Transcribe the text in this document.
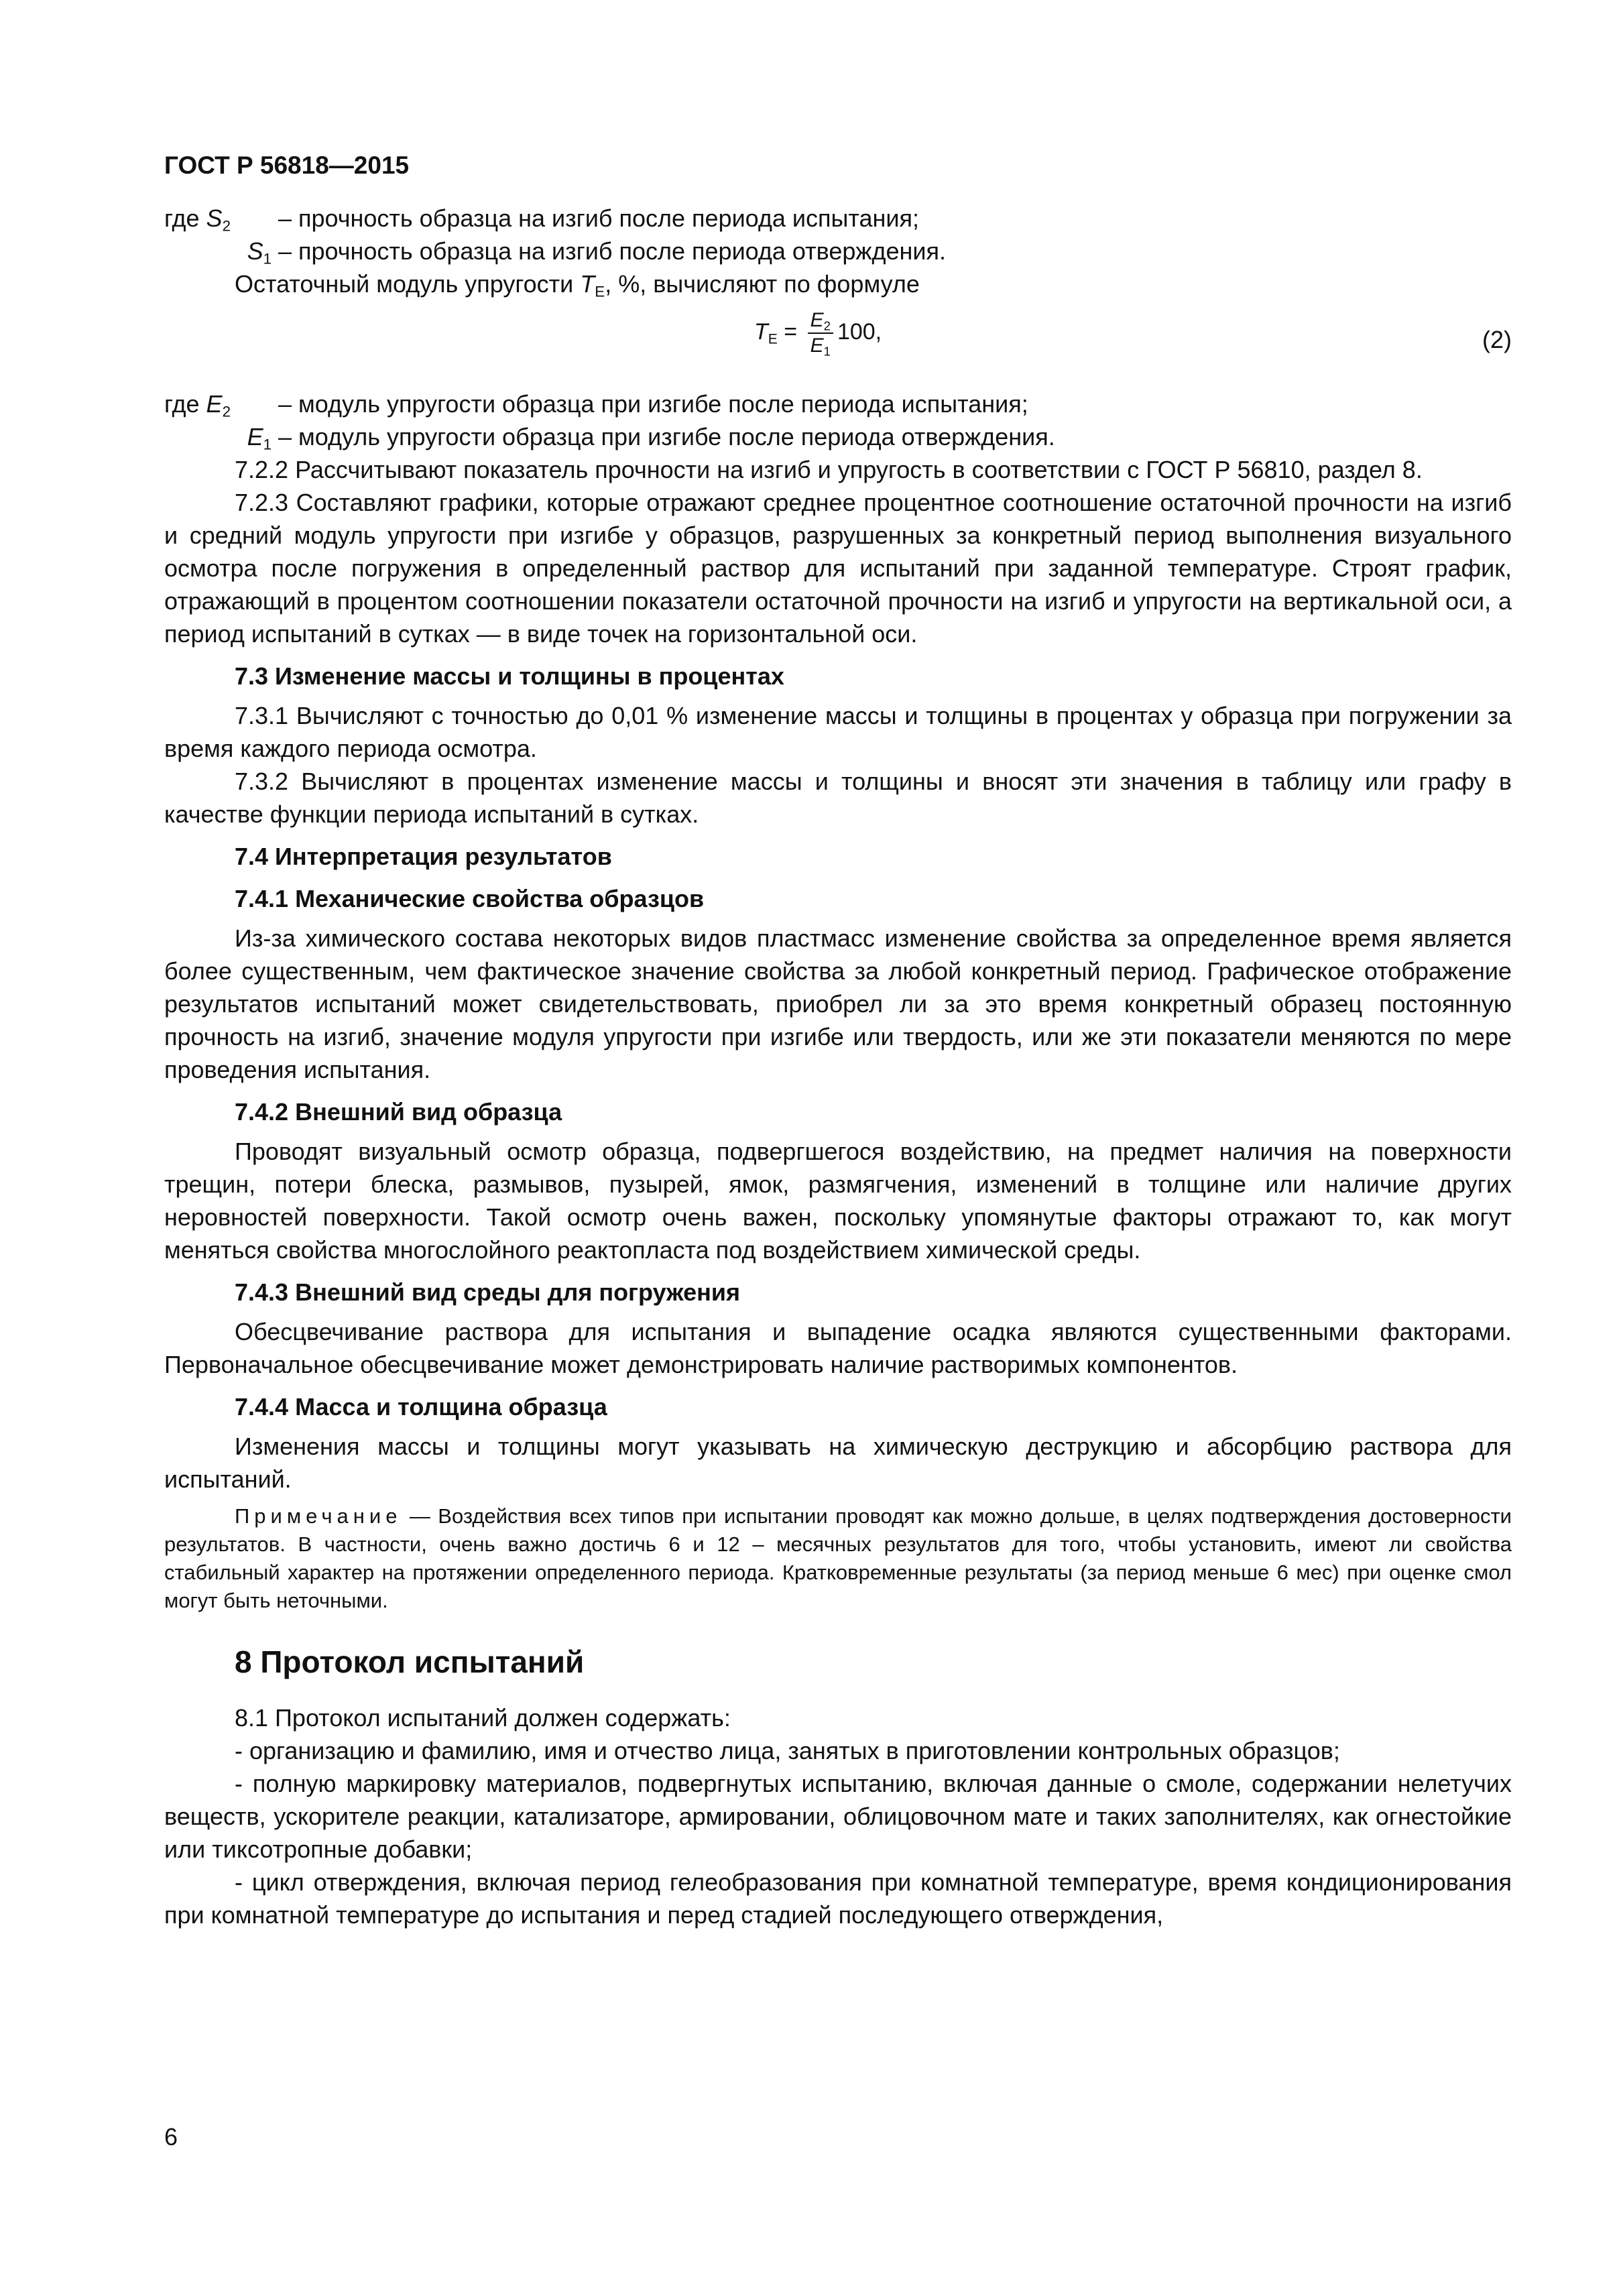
ГОСТ Р 56818—2015
где $S_2$	– прочность образца на изгиб после периода испытания;
$S_1$ – прочность образца на изгиб после периода отверждения.

Остаточный модуль упругости $T_E$, %, вычисляют по формуле

$T_E = \frac{E_2}{E_1} 100$,	(2)
где $E_2$	– модуль упругости образца при изгибе после периода испытания;
$E_1$ – модуль упругости образца при изгибе после периода отверждения.

7.2.2 Рассчитывают показатель прочности на изгиб и упругость в соответствии с ГОСТ Р 56810, раздел 8.

7.2.3 Составляют графики, которые отражают среднее процентное соотношение остаточной прочности на изгиб и средний модуль упругости при изгибе у образцов, разрушенных за конкретный период выполнения визуального осмотра после погружения в определенный раствор для испытаний при заданной температуре. Строят график, отражающий в процентом соотношении показатели остаточной прочности на изгиб и упругости на вертикальной оси, а период испытаний в сутках — в виде точек на горизонтальной оси.

7.3 Изменение массы и толщины в процентах

7.3.1 Вычисляют с точностью до 0,01 % изменение массы и толщины в процентах у образца при погружении за время каждого периода осмотра.

7.3.2 Вычисляют в процентах изменение массы и толщины и вносят эти значения в таблицу или графу в качестве функции периода испытаний в сутках.

7.4 Интерпретация результатов
7.4.1 Механические свойства образцов

Из-за химического состава некоторых видов пластмасс изменение свойства за определенное время является более существенным, чем фактическое значение свойства за любой конкретный период. Графическое отображение результатов испытаний может свидетельствовать, приобрел ли за это время конкретный образец постоянную прочность на изгиб, значение модуля упругости при изгибе или твердость, или же эти показатели меняются по мере проведения испытания.

7.4.2 Внешний вид образца

Проводят визуальный осмотр образца, подвергшегося воздействию, на предмет наличия на поверхности трещин, потери блеска, размывов, пузырей, ямок, размягчения, изменений в толщине или наличие других неровностей поверхности. Такой осмотр очень важен, поскольку упомянутые факторы отражают то, как могут меняться свойства многослойного реактопласта под воздействием химической среды.

7.4.3 Внешний вид среды для погружения

Обесцвечивание раствора для испытания и выпадение осадка являются существенными факторами. Первоначальное обесцвечивание может демонстрировать наличие растворимых компонентов.

7.4.4 Масса и толщина образца

Изменения массы и толщины могут указывать на химическую деструкцию и абсорбцию раствора для испытаний.

Примечание — Воздействия всех типов при испытании проводят как можно дольше, в целях подтверждения достоверности результатов. В частности, очень важно достичь 6 и 12 – месячных результатов для того, чтобы установить, имеют ли свойства стабильный характер на протяжении определенного периода. Кратковременные результаты (за период меньше 6 мес) при оценке смол могут быть неточными.

8 Протокол испытаний

8.1 Протокол испытаний должен содержать:

- организацию и фамилию, имя и отчество лица, занятых в приготовлении контрольных образцов;

- полную маркировку материалов, подвергнутых испытанию, включая данные о смоле, содержании нелетучих веществ, ускорителе реакции, катализаторе, армировании, облицовочном мате и таких заполнителях, как огнестойкие или тиксотропные добавки;

- цикл отверждения, включая период гелеобразования при комнатной температуре, время кондиционирования при комнатной температуре до испытания и перед стадией последующего отверждения,

6
